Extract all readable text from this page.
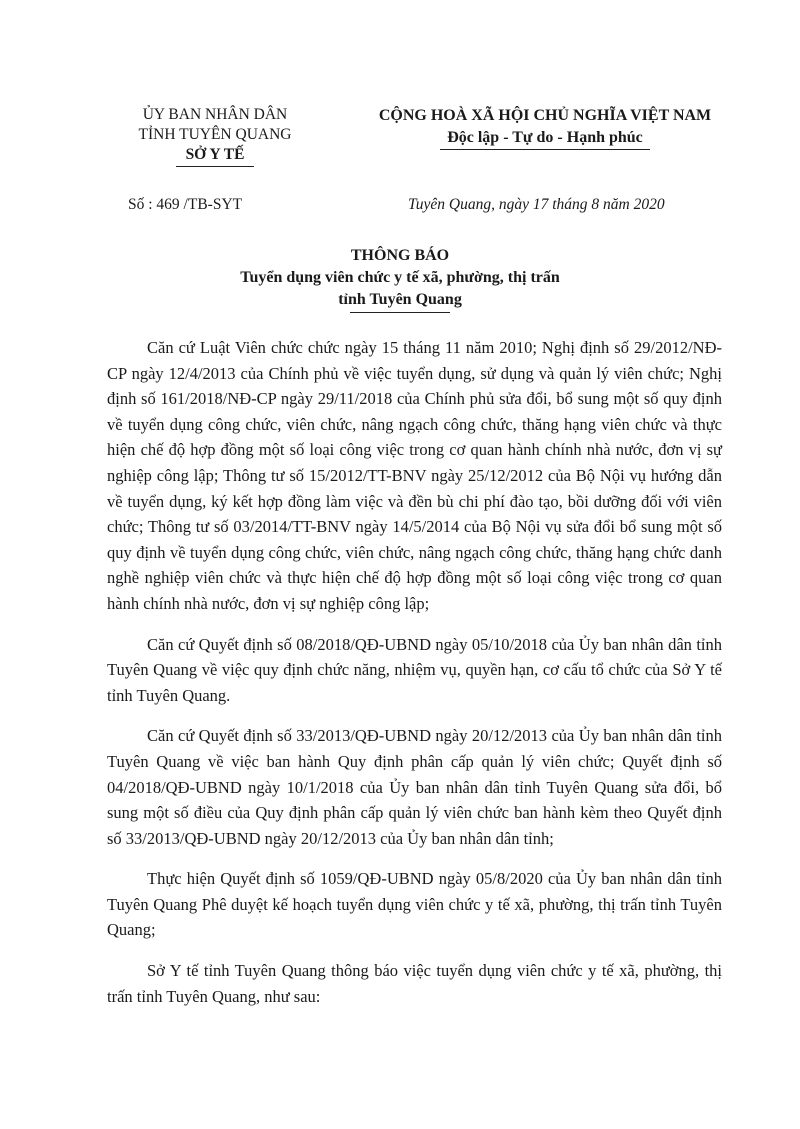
ỦY BAN NHÂN DÂN
TỈNH TUYÊN QUANG
SỞ Y TẾ
CỘNG HOÀ XÃ HỘI CHỦ NGHĨA VIỆT NAM
Độc lập - Tự do - Hạnh phúc
Số : 469 /TB-SYT	Tuyên Quang, ngày 17 tháng 8 năm 2020
THÔNG BÁO
Tuyển dụng viên chức y tế xã, phường, thị trấn
tỉnh Tuyên Quang

Căn cứ Luật Viên chức chức ngày 15 tháng 11 năm 2010; Nghị định số 29/2012/NĐ-CP ngày 12/4/2013 của Chính phủ về việc tuyển dụng, sử dụng và quản lý viên chức; Nghị định số 161/2018/NĐ-CP ngày 29/11/2018 của Chính phủ sửa đổi, bổ sung một số quy định về tuyển dụng công chức, viên chức, nâng ngạch công chức, thăng hạng viên chức và thực hiện chế độ hợp đồng một số loại công việc trong cơ quan hành chính nhà nước, đơn vị sự nghiệp công lập; Thông tư số 15/2012/TT-BNV ngày 25/12/2012 của Bộ Nội vụ hướng dẫn về tuyển dụng, ký kết hợp đồng làm việc và đền bù chi phí đào tạo, bồi dưỡng đối với viên chức; Thông tư số 03/2014/TT-BNV ngày 14/5/2014 của Bộ Nội vụ sửa đổi bổ sung một số quy định về tuyển dụng công chức, viên chức, nâng ngạch công chức, thăng hạng chức danh nghề nghiệp viên chức và thực hiện chế độ hợp đồng một số loại công việc trong cơ quan hành chính nhà nước, đơn vị sự nghiệp công lập;

Căn cứ Quyết định số 08/2018/QĐ-UBND ngày 05/10/2018 của Ủy ban nhân dân tỉnh Tuyên Quang về việc quy định chức năng, nhiệm vụ, quyền hạn, cơ cấu tổ chức của Sở Y tế tỉnh Tuyên Quang.

Căn cứ Quyết định số 33/2013/QĐ-UBND ngày 20/12/2013 của Ủy ban nhân dân tỉnh Tuyên Quang về việc ban hành Quy định phân cấp quản lý viên chức; Quyết định số 04/2018/QĐ-UBND ngày 10/1/2018 của Ủy ban nhân dân tỉnh Tuyên Quang sửa đổi, bổ sung một số điều của Quy định phân cấp quản lý viên chức ban hành kèm theo Quyết định số 33/2013/QĐ-UBND ngày 20/12/2013 của Ủy ban nhân dân tỉnh;

Thực hiện Quyết định số 1059/QĐ-UBND ngày 05/8/2020 của Ủy ban nhân dân tỉnh Tuyên Quang Phê duyệt kế hoạch tuyển dụng viên chức y tế xã, phường, thị trấn tỉnh Tuyên Quang;

Sở Y tế tỉnh Tuyên Quang thông báo việc tuyển dụng viên chức y tế xã, phường, thị trấn tỉnh Tuyên Quang, như sau:
